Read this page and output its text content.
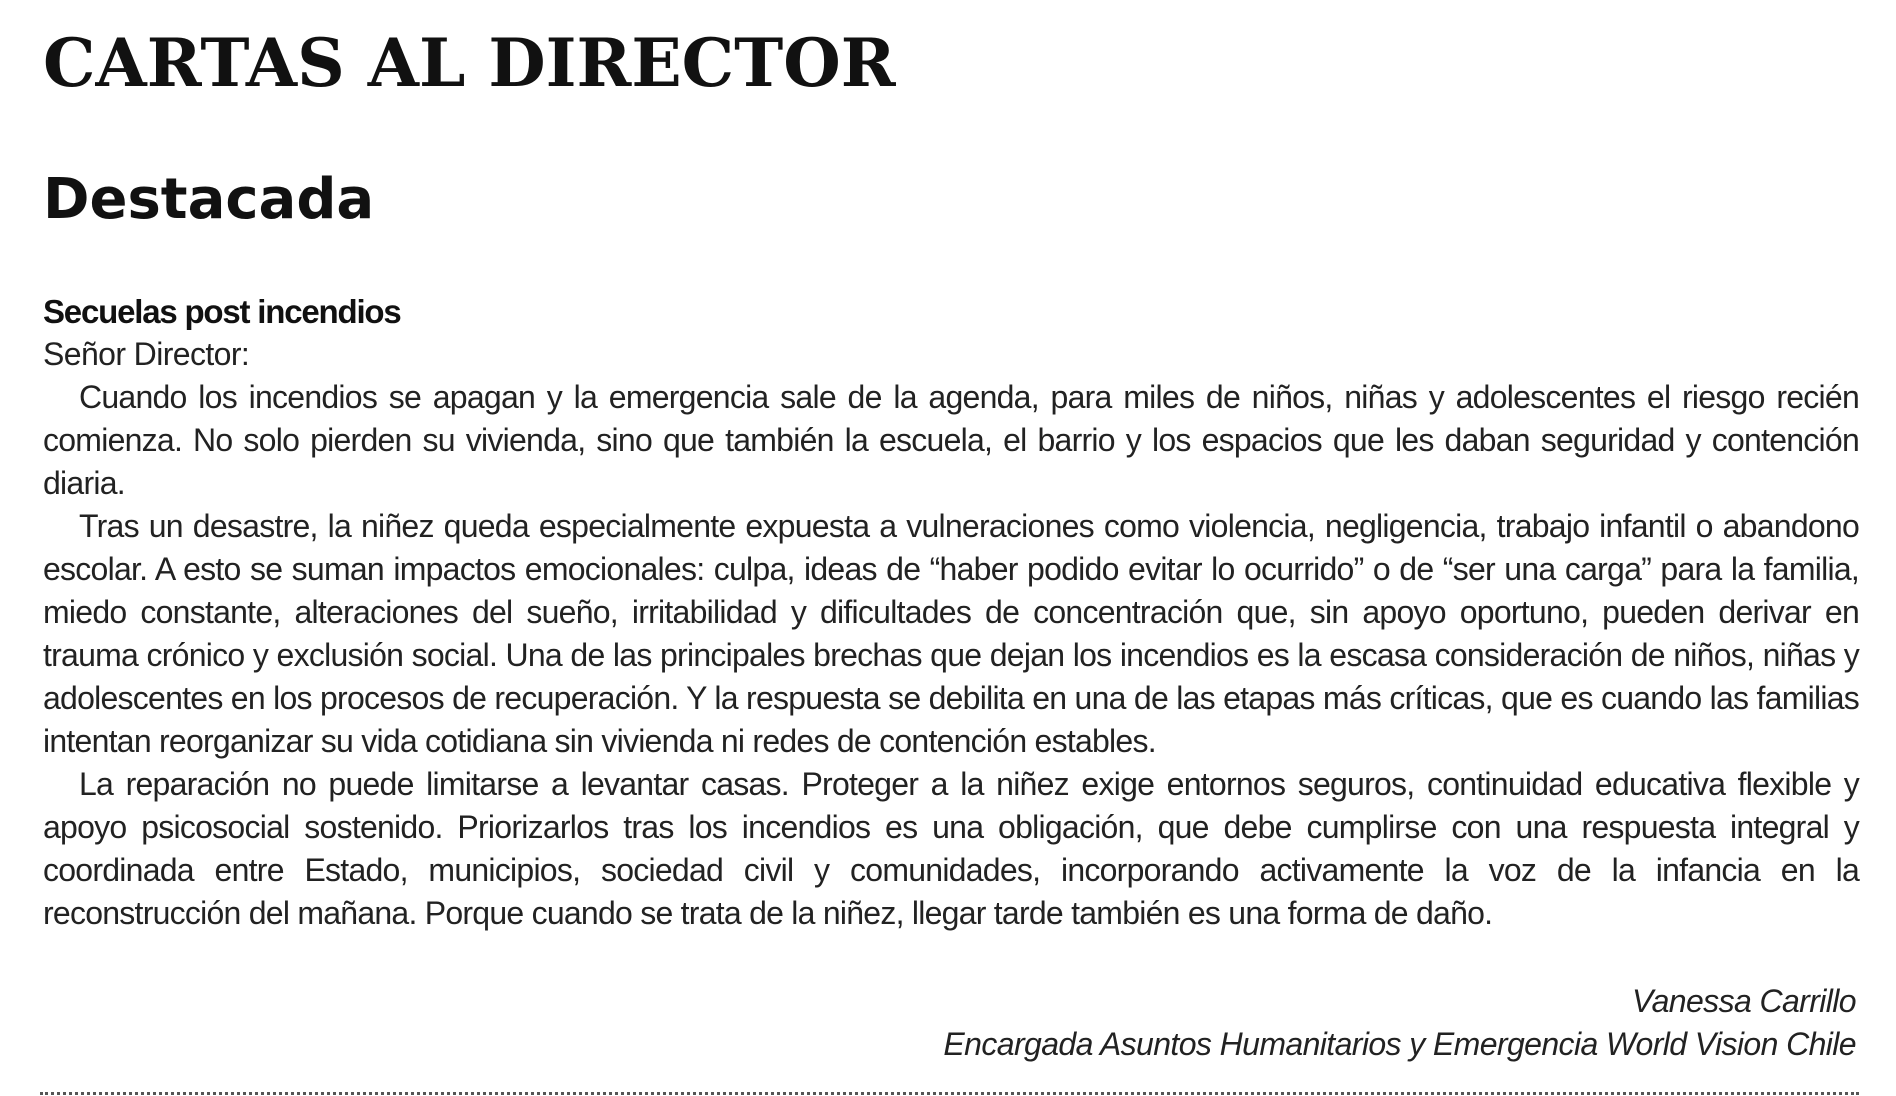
CARTAS AL DIRECTOR
Destacada
Secuelas post incendios

Señor Director:

Cuando los incendios se apagan y la emergencia sale de la agenda, para miles de niños, niñas y adolescentes el riesgo recién comienza. No solo pierden su vivienda, sino que también la escuela, el barrio y los espacios que les daban seguridad y contención diaria.

Tras un desastre, la niñez queda especialmente expuesta a vulneraciones como violencia, negligencia, trabajo infantil o abandono escolar. A esto se suman impactos emocionales: culpa, ideas de “haber podido evitar lo ocurrido” o de “ser una carga” para la familia, miedo constante, alteraciones del sueño, irritabilidad y dificultades de concentración que, sin apoyo oportuno, pueden derivar en trauma crónico y exclusión social. Una de las principales brechas que dejan los incendios es la escasa consideración de niños, niñas y adolescentes en los procesos de recuperación. Y la respuesta se debilita en una de las etapas más críticas, que es cuando las familias intentan reorganizar su vida cotidiana sin vivienda ni redes de contención estables.

La reparación no puede limitarse a levantar casas. Proteger a la niñez exige entornos seguros, continuidad educativa flexible y apoyo psicosocial sostenido. Priorizarlos tras los incendios es una obligación, que debe cumplirse con una respuesta integral y coordinada entre Estado, municipios, sociedad civil y comunidades, incorporando activamente la voz de la infancia en la reconstrucción del mañana. Porque cuando se trata de la niñez, llegar tarde también es una forma de daño.

Vanessa Carrillo
Encargada Asuntos Humanitarios y Emergencia World Vision Chile
